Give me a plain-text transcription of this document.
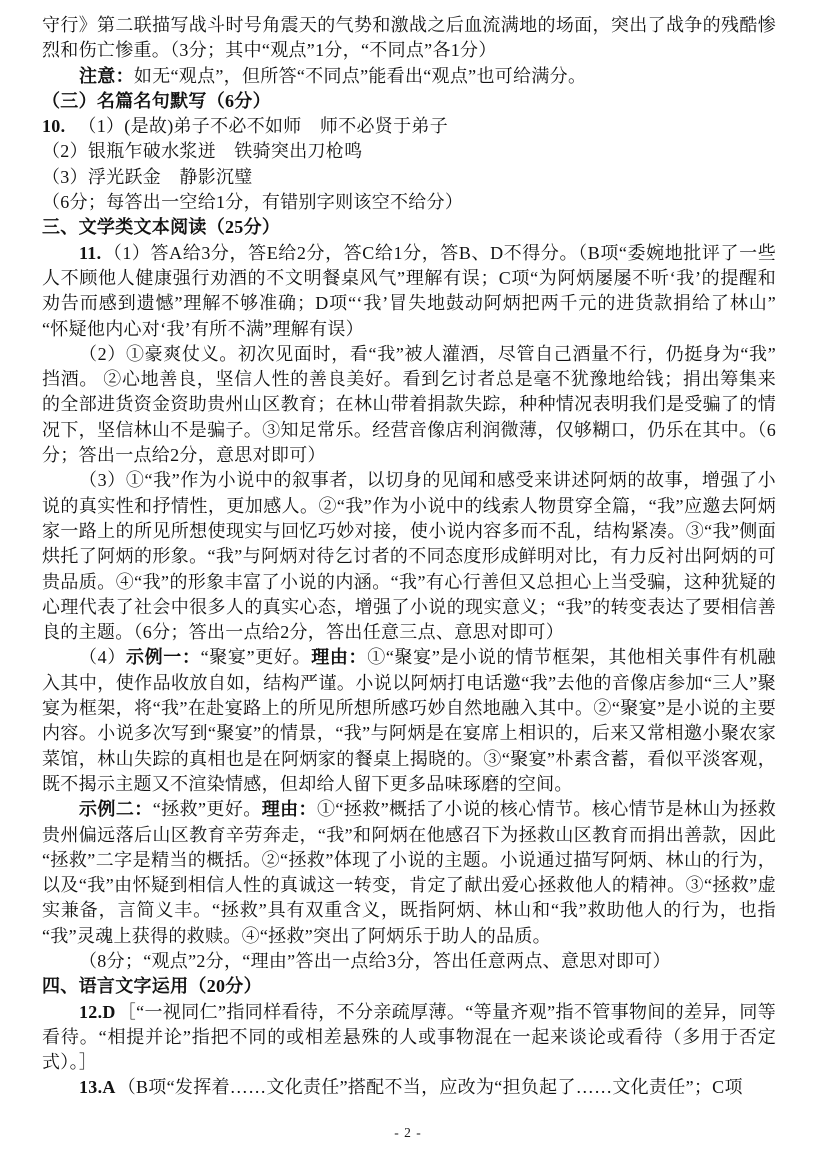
守行》第二联描写战斗时号角震天的气势和激战之后血流满地的场面，突出了战争的残酷惨烈和伤亡惨重。（3分；其中“观点”1分，“不同点”各1分）

注意：如无“观点”，但所答“不同点”能看出“观点”也可给满分。

（三）名篇名句默写（6分）

10. （1）(是故)弟子不必不如师　师不必贤于弟子

（2）银瓶乍破水浆迸　铁骑突出刀枪鸣

（3）浮光跃金　静影沉璧

（6分；每答出一空给1分，有错别字则该空不给分）

三、文学类文本阅读（25分）

11. （1）答A给3分，答E给2分，答C给1分，答B、D不得分。（B项“委婉地批评了一些人不顾他人健康强行劝酒的不文明餐桌风气”理解有误；C项“为阿炳屡屡不听‘我’的提醒和劝告而感到遗憾”理解不够准确；D项“‘我’冒失地鼓动阿炳把两千元的进货款捐给了林山”“怀疑他内心对‘我’有所不满”理解有误）

（2）①豪爽仗义。初次见面时，看“我”被人灌酒，尽管自己酒量不行，仍挺身为“我”挡酒。 ②心地善良，坚信人性的善良美好。看到乞讨者总是毫不犹豫地给钱；捐出筹集来的全部进货资金资助贵州山区教育；在林山带着捐款失踪，种种情况表明我们是受骗了的情况下，坚信林山不是骗子。③知足常乐。经营音像店利润微薄，仅够糊口，仍乐在其中。（6分；答出一点给2分，意思对即可）

（3）①“我”作为小说中的叙事者，以切身的见闻和感受来讲述阿炳的故事，增强了小说的真实性和抒情性，更加感人。②“我”作为小说中的线索人物贯穿全篇，“我”应邀去阿炳家一路上的所见所想使现实与回忆巧妙对接，使小说内容多而不乱，结构紧凑。③“我”侧面烘托了阿炳的形象。“我”与阿炳对待乞讨者的不同态度形成鲜明对比，有力反衬出阿炳的可贵品质。④“我”的形象丰富了小说的内涵。“我”有心行善但又总担心上当受骗，这种犹疑的心理代表了社会中很多人的真实心态，增强了小说的现实意义；“我”的转变表达了要相信善良的主题。（6分；答出一点给2分，答出任意三点、意思对即可）

（4）示例一：“聚宴”更好。理由：①“聚宴”是小说的情节框架，其他相关事件有机融入其中，使作品收放自如，结构严谨。小说以阿炳打电话邀“我”去他的音像店参加“三人”聚宴为框架，将“我”在赴宴路上的所见所想所感巧妙自然地融入其中。②“聚宴”是小说的主要内容。小说多次写到“聚宴”的情景，“我”与阿炳是在宴席上相识的，后来又常相邀小聚农家菜馆，林山失踪的真相也是在阿炳家的餐桌上揭晓的。③“聚宴”朴素含蓄，看似平淡客观，既不揭示主题又不渲染情感，但却给人留下更多品味琢磨的空间。

示例二：“拯救”更好。理由：①“拯救”概括了小说的核心情节。核心情节是林山为拯救贵州偏远落后山区教育辛劳奔走，“我”和阿炳在他感召下为拯救山区教育而捐出善款，因此“拯救”二字是精当的概括。②“拯救”体现了小说的主题。小说通过描写阿炳、林山的行为，以及“我”由怀疑到相信人性的真诚这一转变，肯定了献出爱心拯救他人的精神。③“拯救”虚实兼备，言简义丰。“拯救”具有双重含义，既指阿炳、林山和“我”救助他人的行为，也指“我”灵魂上获得的救赎。④“拯救”突出了阿炳乐于助人的品质。

（8分；“观点”2分，“理由”答出一点给3分，答出任意两点、意思对即可）

四、语言文字运用（20分）

12.D ［“一视同仁”指同样看待，不分亲疏厚薄。“等量齐观”指不管事物间的差异，同等看待。“相提并论”指把不同的或相差悬殊的人或事物混在一起来谈论或看待（多用于否定式）。］

13.A （B项“发挥着……文化责任”搭配不当，应改为“担负起了……文化责任”；C项

- 2 -
